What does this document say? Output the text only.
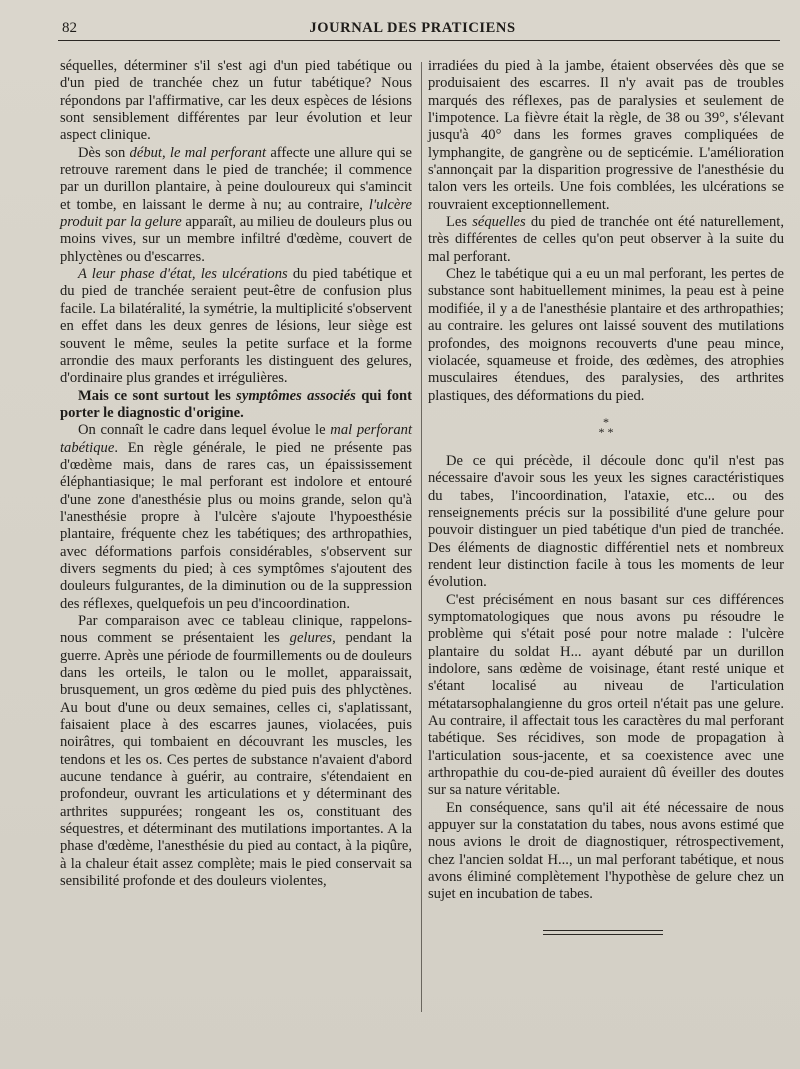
82	JOURNAL DES PRATICIENS

séquelles, déterminer s'il s'est agi d'un pied tabétique ou d'un pied de tranchée chez un futur tabétique? Nous répondons par l'affirmative, car les deux espèces de lésions sont sensiblement différentes par leur évolution et leur aspect clinique.

Dès son début, le mal perforant affecte une allure qui se retrouve rarement dans le pied de tranchée; il commence par un durillon plantaire, à peine douloureux qui s'amincit et tombe, en laissant le derme à nu; au contraire, l'ulcère produit par la gelure apparaît, au milieu de douleurs plus ou moins vives, sur un membre infiltré d'œdème, couvert de phlyctènes ou d'escarres.

A leur phase d'état, les ulcérations du pied tabétique et du pied de tranchée seraient peut-être de confusion plus facile. La bilatéralité, la symétrie, la multiplicité s'observent en effet dans les deux genres de lésions, leur siège est souvent le même, seules la petite surface et la forme arrondie des maux perforants les distinguent des gelures, d'ordinaire plus grandes et irrégulières.

Mais ce sont surtout les symptômes associés qui font porter le diagnostic d'origine.

On connaît le cadre dans lequel évolue le mal perforant tabétique. En règle générale, le pied ne présente pas d'œdème mais, dans de rares cas, un épaississement éléphantiasique; le mal perforant est indolore et entouré d'une zone d'anesthésie plus ou moins grande, selon qu'à l'anesthésie propre à l'ulcère s'ajoute l'hypoesthésie plantaire, fréquente chez les tabétiques; des arthropathies, avec déformations parfois considérables, s'observent sur divers segments du pied; à ces symptômes s'ajoutent des douleurs fulgurantes, de la diminution ou de la suppression des réflexes, quelquefois un peu d'incoordination.

Par comparaison avec ce tableau clinique, rappelons-nous comment se présentaient les gelures, pendant la guerre. Après une période de fourmillements ou de douleurs dans les orteils, le talon ou le mollet, apparaissait, brusquement, un gros œdème du pied puis des phlyctènes. Au bout d'une ou deux semaines, celles ci, s'aplatissant, faisaient place à des escarres jaunes, violacées, puis noirâtres, qui tombaient en découvrant les muscles, les tendons et les os. Ces pertes de substance n'avaient d'abord aucune tendance à guérir, au contraire, s'étendaient en profondeur, ouvrant les articulations et y déterminant des arthrites suppurées; rongeant les os, constituant des séquestres, et déterminant des mutilations importantes. A la phase d'œdème, l'anesthésie du pied au contact, à la piqûre, à la chaleur était assez complète; mais le pied conservait sa sensibilité profonde et des douleurs violentes,

irradiées du pied à la jambe, étaient observées dès que se produisaient des escarres. Il n'y avait pas de troubles marqués des réflexes, pas de paralysies et seulement de l'impotence. La fièvre était la règle, de 38 ou 39°, s'élevant jusqu'à 40° dans les formes graves compliquées de lymphangite, de gangrène ou de septicémie. L'amélioration s'annonçait par la disparition progressive de l'anesthésie du talon vers les orteils. Une fois comblées, les ulcérations se rouvraient exceptionnellement.

Les séquelles du pied de tranchée ont été naturellement, très différentes de celles qu'on peut observer à la suite du mal perforant.

Chez le tabétique qui a eu un mal perforant, les pertes de substance sont habituellement minimes, la peau est à peine modifiée, il y a de l'anesthésie plantaire et des arthropathies; au contraire. les gelures ont laissé souvent des mutilations profondes, des moignons recouverts d'une peau mince, violacée, squameuse et froide, des œdèmes, des atrophies musculaires étendues, des paralysies, des arthrites plastiques, des déformations du pied.

*
* *

De ce qui précède, il découle donc qu'il n'est pas nécessaire d'avoir sous les yeux les signes caractéristiques du tabes, l'incoordination, l'ataxie, etc... ou des renseignements précis sur la possibilité d'une gelure pour pouvoir distinguer un pied tabétique d'un pied de tranchée. Des éléments de diagnostic différentiel nets et nombreux rendent leur distinction facile à tous les moments de leur évolution.

C'est précisément en nous basant sur ces différences symptomatologiques que nous avons pu résoudre le problème qui s'était posé pour notre malade : l'ulcère plantaire du soldat H... ayant débuté par un durillon indolore, sans œdème de voisinage, étant resté unique et s'étant localisé au niveau de l'articulation métatarsophalangienne du gros orteil n'était pas une gelure. Au contraire, il affectait tous les caractères du mal perforant tabétique. Ses récidives, son mode de propagation à l'articulation sous-jacente, et sa coexistence avec une arthropathie du cou-de-pied auraient dû éveiller des doutes sur sa nature véritable.

En conséquence, sans qu'il ait été nécessaire de nous appuyer sur la constatation du tabes, nous avons estimé que nous avions le droit de diagnostiquer, rétrospectivement, chez l'ancien soldat H..., un mal perforant tabétique, et nous avons éliminé complètement l'hypothèse de gelure chez un sujet en incubation de tabes.
